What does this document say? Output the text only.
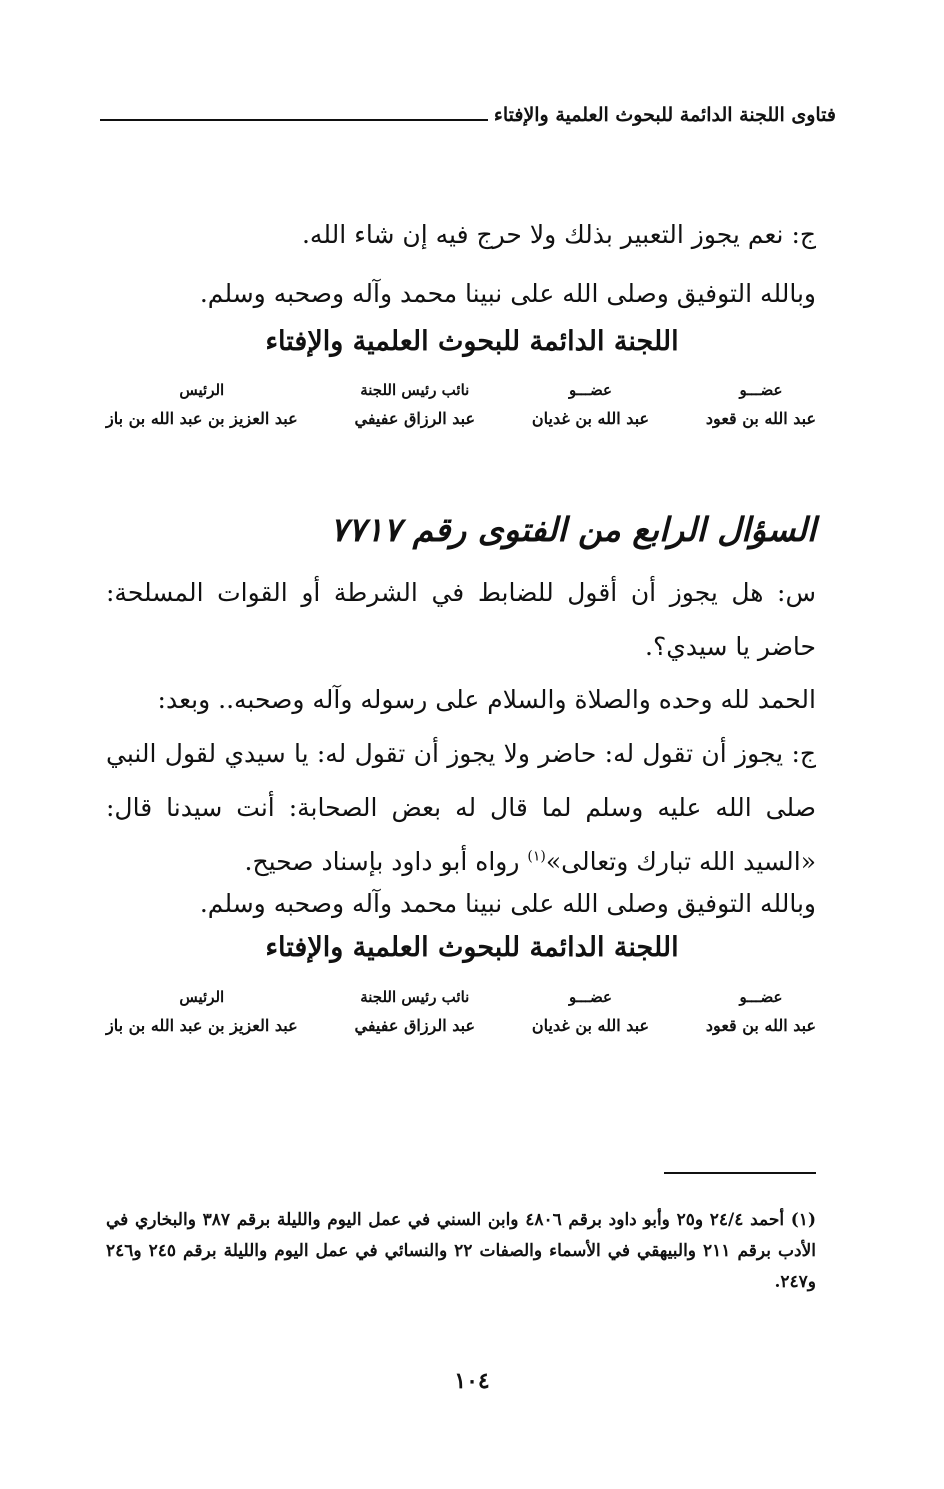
فتاوى اللجنة الدائمة للبحوث العلمية والإفتاء
ج: نعم يجوز التعبير بذلك ولا حرج فيه إن شاء الله.
وبالله التوفيق وصلى الله على نبينا محمد وآله وصحبه وسلم.
اللجنة الدائمة للبحوث العلمية والإفتاء
عضـــو
عبد الله بن قعود
عضـــو
عبد الله بن غديان
نائب رئيس اللجنة
عبد الرزاق عفيفي
الرئيس
عبد العزيز بن عبد الله بن باز
السؤال الرابع من الفتوى رقم ٧٧١٧
س: هل يجوز أن أقول للضابط في الشرطة أو القوات المسلحة: حاضر يا سيدي؟.
الحمد لله وحده والصلاة والسلام على رسوله وآله وصحبه.. وبعد:
ج: يجوز أن تقول له: حاضر ولا يجوز أن تقول له: يا سيدي لقول النبي صلى الله عليه وسلم لما قال له بعض الصحابة: أنت سيدنا قال: «السيد الله تبارك وتعالى»$^{(١)}$ رواه أبو داود بإسناد صحيح.
وبالله التوفيق وصلى الله على نبينا محمد وآله وصحبه وسلم.
اللجنة الدائمة للبحوث العلمية والإفتاء
عضـــو
عبد الله بن قعود
عضـــو
عبد الله بن غديان
نائب رئيس اللجنة
عبد الرزاق عفيفي
الرئيس
عبد العزيز بن عبد الله بن باز
(١) أحمد ٢٤/٤ و٢٥ وأبو داود برقم ٤٨٠٦ وابن السني في عمل اليوم والليلة برقم ٣٨٧ والبخاري في الأدب برقم ٢١١ والبيهقي في الأسماء والصفات ٢٢ والنسائي في عمل اليوم والليلة برقم ٢٤٥ و٢٤٦ و٢٤٧.
١٠٤
